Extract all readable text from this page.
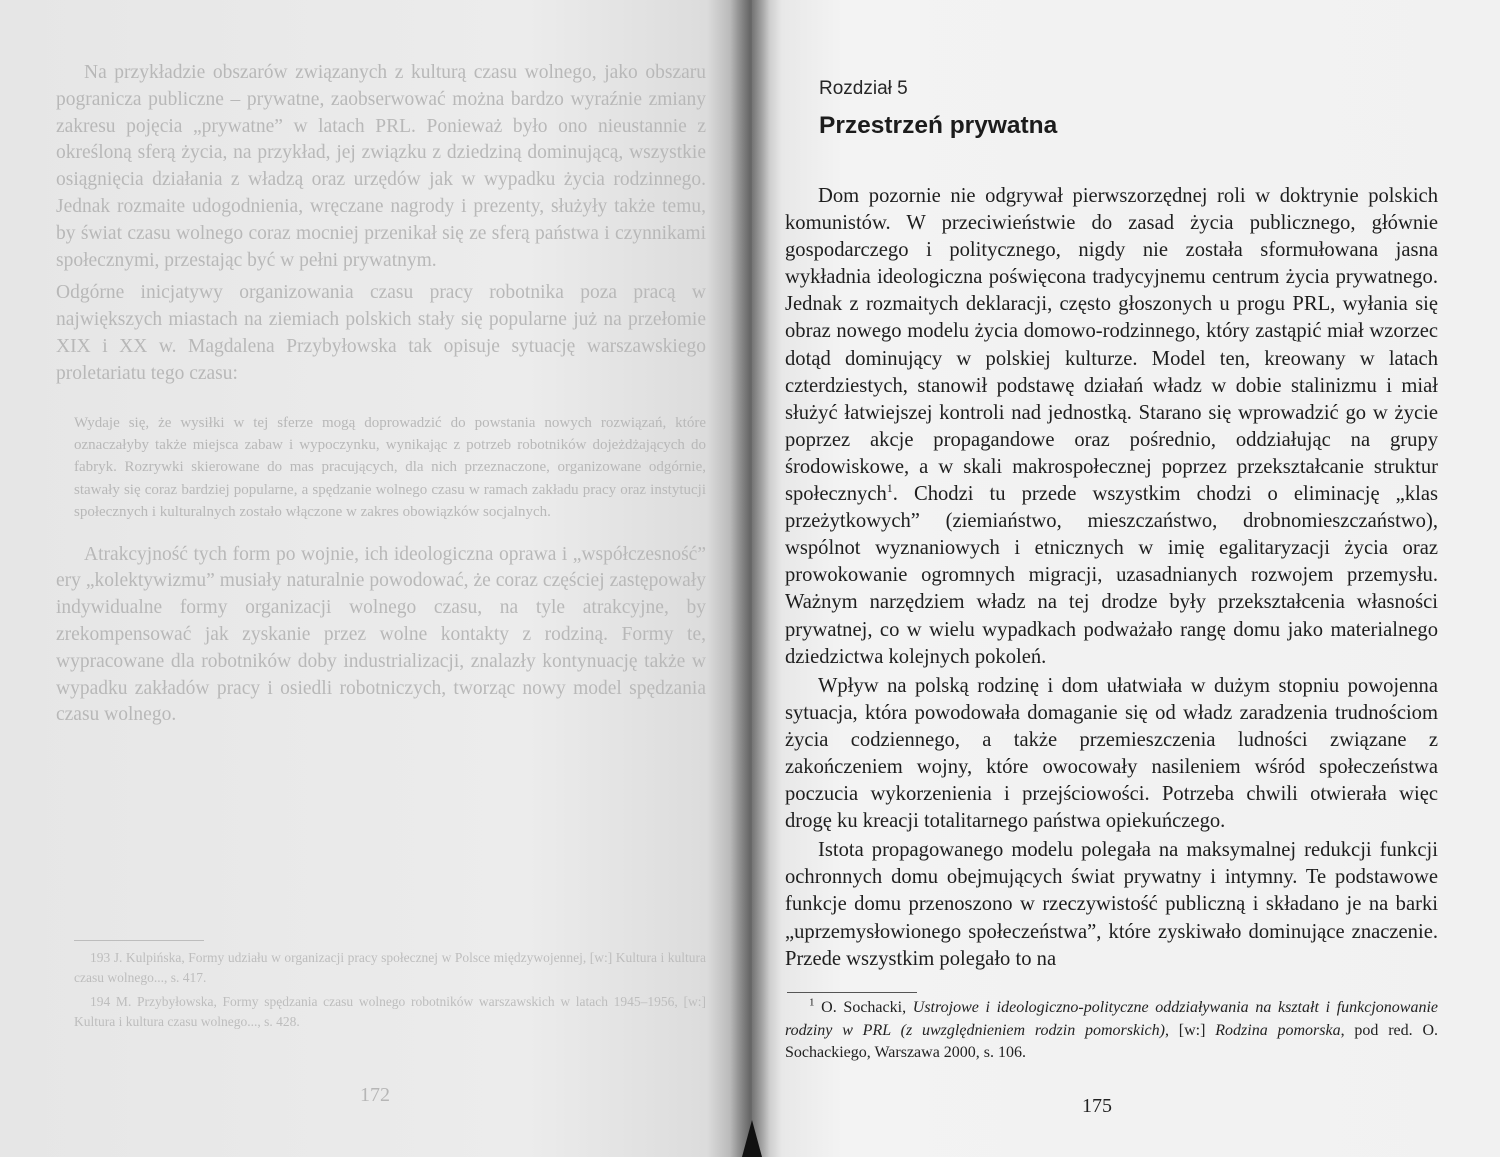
Na przykładzie obszarów związanych z kulturą czasu wolnego, jako obszaru pogranicza publiczne – prywatne, zaobserwować można bardzo wyraźnie zmiany zakresu pojęcia „prywatne” w latach PRL. Ponieważ było ono nieustannie z określoną sferą życia, na przykład, jej związku z dziedziną dominującą, wszystkie osiągnięcia działania z władzą oraz urzędów jak w wypadku życia rodzinnego. Jednak rozmaite udogodnienia, wręczane nagrody i prezenty, służyły także temu, by świat czasu wolnego coraz mocniej przenikał się ze sferą państwa i czynnikami społecznymi, przestając być w pełni prywatnym.

Odgórne inicjatywy organizowania czasu pracy robotnika poza pracą w największych miastach na ziemiach polskich stały się popularne już na przełomie XIX i XX w. Magdalena Przybyłowska tak opisuje sytuację warszawskiego proletariatu tego czasu:

Wydaje się, że wysiłki w tej sferze mogą doprowadzić do powstania nowych rozwiązań, które oznaczałyby także miejsca zabaw i wypoczynku, wynikając z potrzeb robotników dojeżdżających do fabryk. Rozrywki skierowane do mas pracujących, dla nich przeznaczone, organizowane odgórnie, stawały się coraz bardziej popularne, a spędzanie wolnego czasu w ramach zakładu pracy oraz instytucji społecznych i kulturalnych zostało włączone w zakres obowiązków socjalnych.

Atrakcyjność tych form po wojnie, ich ideologiczna oprawa i „współczesność” ery „kolektywizmu” musiały naturalnie powodować, że coraz częściej zastępowały indywidualne formy organizacji wolnego czasu, na tyle atrakcyjne, by zrekompensować jak zyskanie przez wolne kontakty z rodziną. Formy te, wypracowane dla robotników doby industrializacji, znalazły kontynuację także w wypadku zakładów pracy i osiedli robotniczych, tworząc nowy model spędzania czasu wolnego.

193 J. Kulpińska, Formy udziału w organizacji pracy społecznej w Polsce międzywojennej, [w:] Kultura i kultura czasu wolnego..., s. 417.

194 M. Przybyłowska, Formy spędzania czasu wolnego robotników warszawskich w latach 1945–1956, [w:] Kultura i kultura czasu wolnego..., s. 428.

172
Rozdział 5
Przestrzeń prywatna

Dom pozornie nie odgrywał pierwszorzędnej roli w doktrynie polskich komunistów. W przeciwieństwie do zasad życia publicznego, głównie gospodarczego i politycznego, nigdy nie została sformułowana jasna wykładnia ideologiczna poświęcona tradycyjnemu centrum życia prywatnego. Jednak z rozmaitych deklaracji, często głoszonych u progu PRL, wyłania się obraz nowego modelu życia domowo-rodzinnego, który zastąpić miał wzorzec dotąd dominujący w polskiej kulturze. Model ten, kreowany w latach czterdziestych, stanowił podstawę działań władz w dobie stalinizmu i miał służyć łatwiejszej kontroli nad jednostką. Starano się wprowadzić go w życie poprzez akcje propagandowe oraz pośrednio, oddziałując na grupy środowiskowe, a w skali makrospołecznej poprzez przekształcanie struktur społecznych$^1$. Chodzi tu przede wszystkim chodzi o eliminację „klas przeżytkowych” (ziemiaństwo, mieszczaństwo, drobnomieszczaństwo), wspólnot wyznaniowych i etnicznych w imię egalitaryzacji życia oraz prowokowanie ogromnych migracji, uzasadnianych rozwojem przemysłu. Ważnym narzędziem władz na tej drodze były przekształcenia własności prywatnej, co w wielu wypadkach podważało rangę domu jako materialnego dziedzictwa kolejnych pokoleń.

Wpływ na polską rodzinę i dom ułatwiała w dużym stopniu powojenna sytuacja, która powodowała domaganie się od władz zaradzenia trudnościom życia codziennego, a także przemieszczenia ludności związane z zakończeniem wojny, które owocowały nasileniem wśród społeczeństwa poczucia wykorzenienia i przejściowości. Potrzeba chwili otwierała więc drogę ku kreacji totalitarnego państwa opiekuńczego.

Istota propagowanego modelu polegała na maksymalnej redukcji funkcji ochronnych domu obejmujących świat prywatny i intymny. Te podstawowe funkcje domu przenoszono w rzeczywistość publiczną i składano je na barki „uprzemysłowionego społeczeństwa”, które zyskiwało dominujące znaczenie. Przede wszystkim polegało to na

$^1$ O. Sochacki, Ustrojowe i ideologiczno-polityczne oddziaływania na kształt i funkcjonowanie rodziny w PRL (z uwzględnieniem rodzin pomorskich), [w:] Rodzina pomorska, pod red. O. Sochackiego, Warszawa 2000, s. 106.

175
